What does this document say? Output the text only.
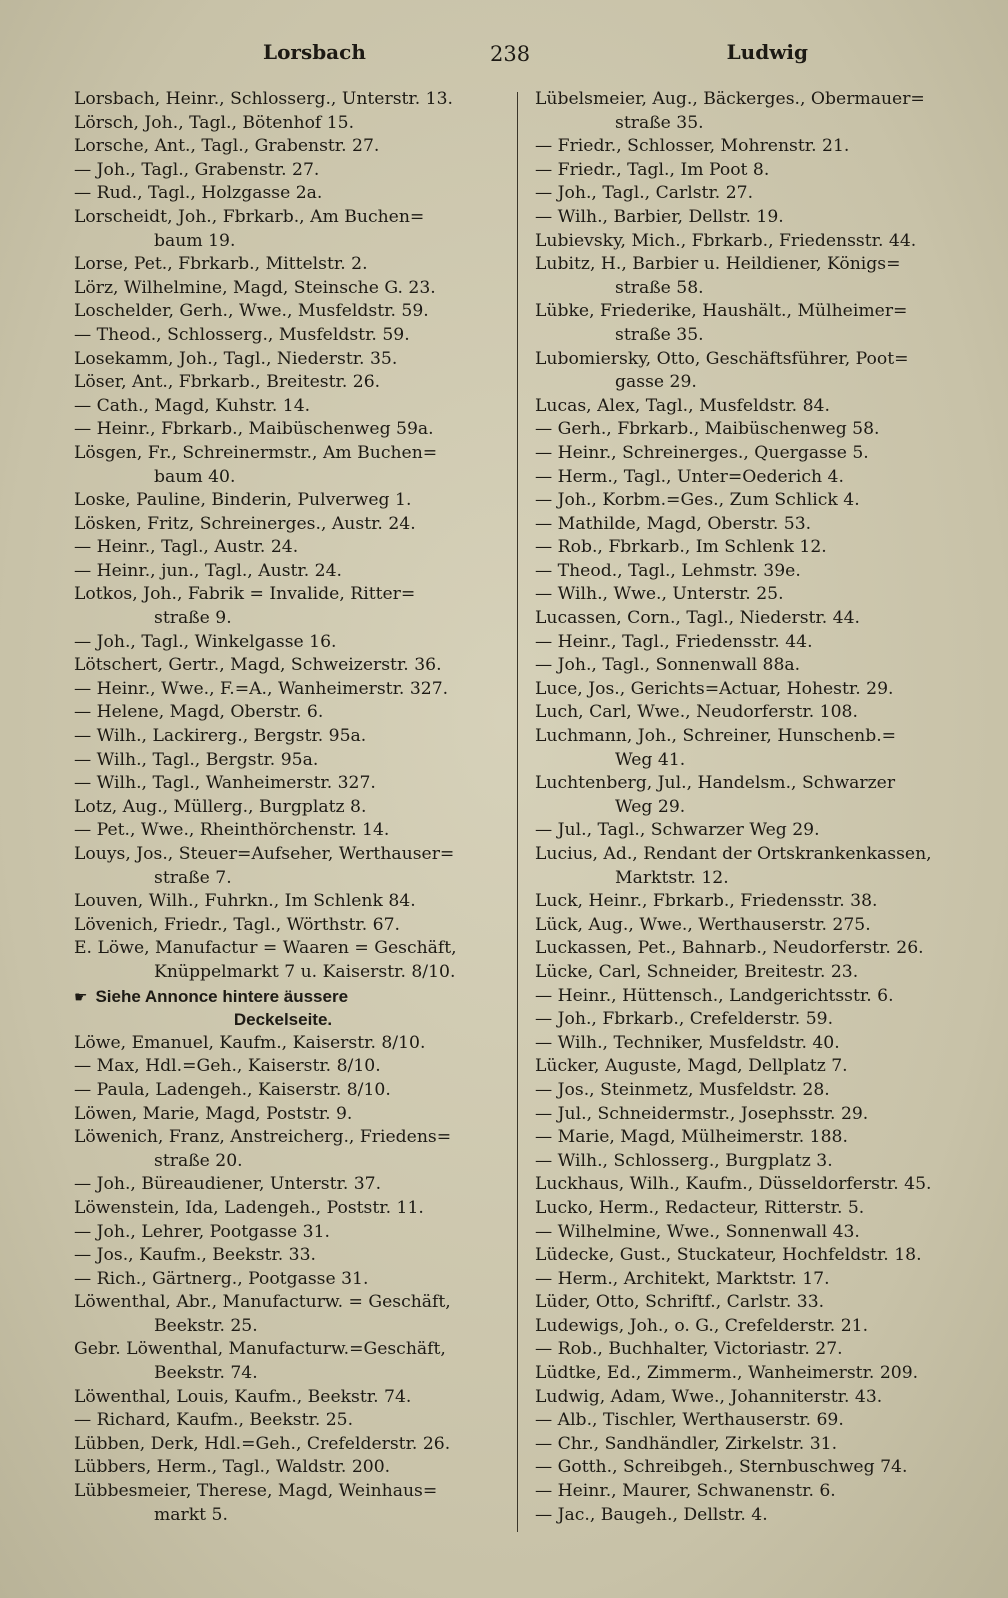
Lorsbach	238	Ludwig
Lorsbach, Heinr., Schlosserg., Unterstr. 13.
Lörsch, Joh., Tagl., Bötenhof 15.
Lorsche, Ant., Tagl., Grabenstr. 27.
— Joh., Tagl., Grabenstr. 27.
— Rud., Tagl., Holzgasse 2a.
Lorscheidt, Joh., Fbrkarb., Am Buchen=
baum 19.
Lorse, Pet., Fbrkarb., Mittelstr. 2.
Lörz, Wilhelmine, Magd, Steinsche G. 23.
Loschelder, Gerh., Wwe., Musfeldstr. 59.
— Theod., Schlosserg., Musfeldstr. 59.
Losekamm, Joh., Tagl., Niederstr. 35.
Löser, Ant., Fbrkarb., Breitestr. 26.
— Cath., Magd, Kuhstr. 14.
— Heinr., Fbrkarb., Maibüschenweg 59a.
Lösgen, Fr., Schreinermstr., Am Buchen=
baum 40.
Loske, Pauline, Binderin, Pulverweg 1.
Lösken, Fritz, Schreinerges., Austr. 24.
— Heinr., Tagl., Austr. 24.
— Heinr., jun., Tagl., Austr. 24.
Lotkos, Joh., Fabrik = Invalide, Ritter=
straße 9.
— Joh., Tagl., Winkelgasse 16.
Lötschert, Gertr., Magd, Schweizerstr. 36.
— Heinr., Wwe., F.=A., Wanheimerstr. 327.
— Helene, Magd, Oberstr. 6.
— Wilh., Lackirerg., Bergstr. 95a.
— Wilh., Tagl., Bergstr. 95a.
— Wilh., Tagl., Wanheimerstr. 327.
Lotz, Aug., Müllerg., Burgplatz 8.
— Pet., Wwe., Rheinthörchenstr. 14.
Louys, Jos., Steuer=Aufseher, Werthauser=
straße 7.
Louven, Wilh., Fuhrkn., Im Schlenk 84.
Lövenich, Friedr., Tagl., Wörthstr. 67.
E. Löwe, Manufactur = Waaren = Geschäft,
Knüppelmarkt 7 u. Kaiserstr. 8/10.
☛ Siehe Annonce hintere äussere
Deckelseite.
Löwe, Emanuel, Kaufm., Kaiserstr. 8/10.
— Max, Hdl.=Geh., Kaiserstr. 8/10.
— Paula, Ladengeh., Kaiserstr. 8/10.
Löwen, Marie, Magd, Poststr. 9.
Löwenich, Franz, Anstreicherg., Friedens=
straße 20.
— Joh., Büreaudiener, Unterstr. 37.
Löwenstein, Ida, Ladengeh., Poststr. 11.
— Joh., Lehrer, Pootgasse 31.
— Jos., Kaufm., Beekstr. 33.
— Rich., Gärtnerg., Pootgasse 31.
Löwenthal, Abr., Manufacturw. = Geschäft,
Beekstr. 25.
Gebr. Löwenthal, Manufacturw.=Geschäft,
Beekstr. 74.
Löwenthal, Louis, Kaufm., Beekstr. 74.
— Richard, Kaufm., Beekstr. 25.
Lübben, Derk, Hdl.=Geh., Crefelderstr. 26.
Lübbers, Herm., Tagl., Waldstr. 200.
Lübbesmeier, Therese, Magd, Weinhaus=
markt 5.
Lübelsmeier, Aug., Bäckerges., Obermauer=
straße 35.
— Friedr., Schlosser, Mohrenstr. 21.
— Friedr., Tagl., Im Poot 8.
— Joh., Tagl., Carlstr. 27.
— Wilh., Barbier, Dellstr. 19.
Lubievsky, Mich., Fbrkarb., Friedensstr. 44.
Lubitz, H., Barbier u. Heildiener, Königs=
straße 58.
Lübke, Friederike, Haushält., Mülheimer=
straße 35.
Lubomiersky, Otto, Geschäftsführer, Poot=
gasse 29.
Lucas, Alex, Tagl., Musfeldstr. 84.
— Gerh., Fbrkarb., Maibüschenweg 58.
— Heinr., Schreinerges., Quergasse 5.
— Herm., Tagl., Unter=Oederich 4.
— Joh., Korbm.=Ges., Zum Schlick 4.
— Mathilde, Magd, Oberstr. 53.
— Rob., Fbrkarb., Im Schlenk 12.
— Theod., Tagl., Lehmstr. 39e.
— Wilh., Wwe., Unterstr. 25.
Lucassen, Corn., Tagl., Niederstr. 44.
— Heinr., Tagl., Friedensstr. 44.
— Joh., Tagl., Sonnenwall 88a.
Luce, Jos., Gerichts=Actuar, Hohestr. 29.
Luch, Carl, Wwe., Neudorferstr. 108.
Luchmann, Joh., Schreiner, Hunschenb.=
Weg 41.
Luchtenberg, Jul., Handelsm., Schwarzer
Weg 29.
— Jul., Tagl., Schwarzer Weg 29.
Lucius, Ad., Rendant der Ortskrankenkassen,
Marktstr. 12.
Luck, Heinr., Fbrkarb., Friedensstr. 38.
Lück, Aug., Wwe., Werthauserstr. 275.
Luckassen, Pet., Bahnarb., Neudorferstr. 26.
Lücke, Carl, Schneider, Breitestr. 23.
— Heinr., Hüttensch., Landgerichtsstr. 6.
— Joh., Fbrkarb., Crefelderstr. 59.
— Wilh., Techniker, Musfeldstr. 40.
Lücker, Auguste, Magd, Dellplatz 7.
— Jos., Steinmetz, Musfeldstr. 28.
— Jul., Schneidermstr., Josephsstr. 29.
— Marie, Magd, Mülheimerstr. 188.
— Wilh., Schlosserg., Burgplatz 3.
Luckhaus, Wilh., Kaufm., Düsseldorferstr. 45.
Lucko, Herm., Redacteur, Ritterstr. 5.
— Wilhelmine, Wwe., Sonnenwall 43.
Lüdecke, Gust., Stuckateur, Hochfeldstr. 18.
— Herm., Architekt, Marktstr. 17.
Lüder, Otto, Schriftf., Carlstr. 33.
Ludewigs, Joh., o. G., Crefelderstr. 21.
— Rob., Buchhalter, Victoriastr. 27.
Lüdtke, Ed., Zimmerm., Wanheimerstr. 209.
Ludwig, Adam, Wwe., Johanniterstr. 43.
— Alb., Tischler, Werthauserstr. 69.
— Chr., Sandhändler, Zirkelstr. 31.
— Gotth., Schreibgeh., Sternbuschweg 74.
— Heinr., Maurer, Schwanenstr. 6.
— Jac., Baugeh., Dellstr. 4.
